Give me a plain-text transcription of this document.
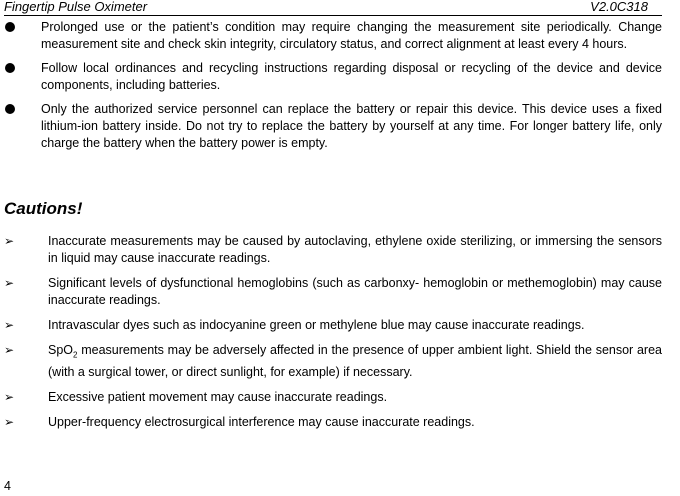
Fingertip Pulse Oximeter	V2.0C318
Prolonged use or the patient’s condition may require changing the measurement site periodically. Change measurement site and check skin integrity, circulatory status, and correct alignment at least every 4 hours.
Follow local ordinances and recycling instructions regarding disposal or recycling of the device and device components, including batteries.
Only the authorized service personnel can replace the battery or repair this device. This device uses a fixed lithium-ion battery inside. Do not try to replace the battery by yourself at any time. For longer battery life, only charge the battery when the battery power is empty.
Cautions!
➢	Inaccurate measurements may be caused by autoclaving, ethylene oxide sterilizing, or immersing the sensors in liquid may cause inaccurate readings.
➢	Significant levels of dysfunctional hemoglobins (such as carbonxy- hemoglobin or methemoglobin) may cause inaccurate readings.
➢	Intravascular dyes such as indocyanine green or methylene blue may cause inaccurate readings.
➢	SpO$_2$ measurements may be adversely affected in the presence of upper ambient light. Shield the sensor area (with a surgical tower, or direct sunlight, for example) if necessary.
➢	Excessive patient movement may cause inaccurate readings.
➢	Upper-frequency electrosurgical interference may cause inaccurate readings.
4
